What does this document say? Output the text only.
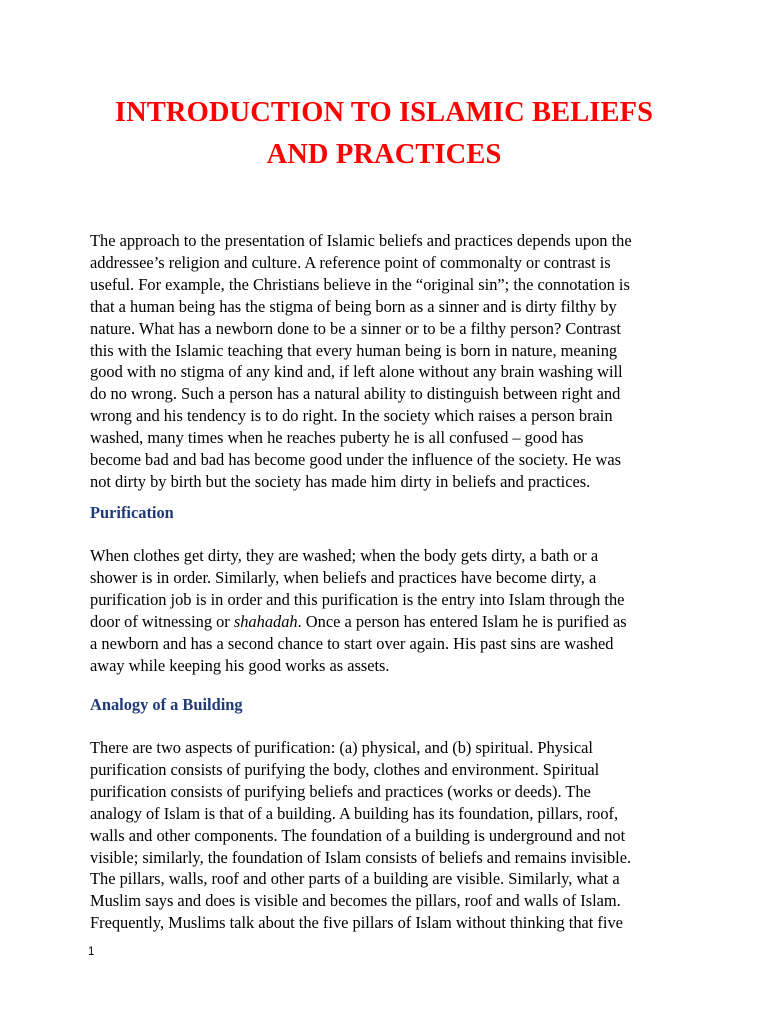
INTRODUCTION TO ISLAMIC BELIEFS
AND PRACTICES

The approach to the presentation of Islamic beliefs and practices depends upon the
addressee’s religion and culture. A reference point of commonalty or contrast is
useful. For example, the Christians believe in the “original sin”; the connotation is
that a human being has the stigma of being born as a sinner and is dirty filthy by
nature. What has a newborn done to be a sinner or to be a filthy person? Contrast
this with the Islamic teaching that every human being is born in nature, meaning
good with no stigma of any kind and, if left alone without any brain washing will
do no wrong. Such a person has a natural ability to distinguish between right and
wrong and his tendency is to do right. In the society which raises a person brain
washed, many times when he reaches puberty he is all confused – good has
become bad and bad has become good under the influence of the society. He was
not dirty by birth but the society has made him dirty in beliefs and practices.

Purification

When clothes get dirty, they are washed; when the body gets dirty, a bath or a
shower is in order. Similarly, when beliefs and practices have become dirty, a
purification job is in order and this purification is the entry into Islam through the
door of witnessing or shahadah. Once a person has entered Islam he is purified as
a newborn and has a second chance to start over again. His past sins are washed
away while keeping his good works as assets.

Analogy of a Building

There are two aspects of purification: (a) physical, and (b) spiritual. Physical
purification consists of purifying the body, clothes and environment. Spiritual
purification consists of purifying beliefs and practices (works or deeds). The
analogy of Islam is that of a building. A building has its foundation, pillars, roof,
walls and other components. The foundation of a building is underground and not
visible; similarly, the foundation of Islam consists of beliefs and remains invisible.
The pillars, walls, roof and other parts of a building are visible. Similarly, what a
Muslim says and does is visible and becomes the pillars, roof and walls of Islam.
Frequently, Muslims talk about the five pillars of Islam without thinking that five

1
